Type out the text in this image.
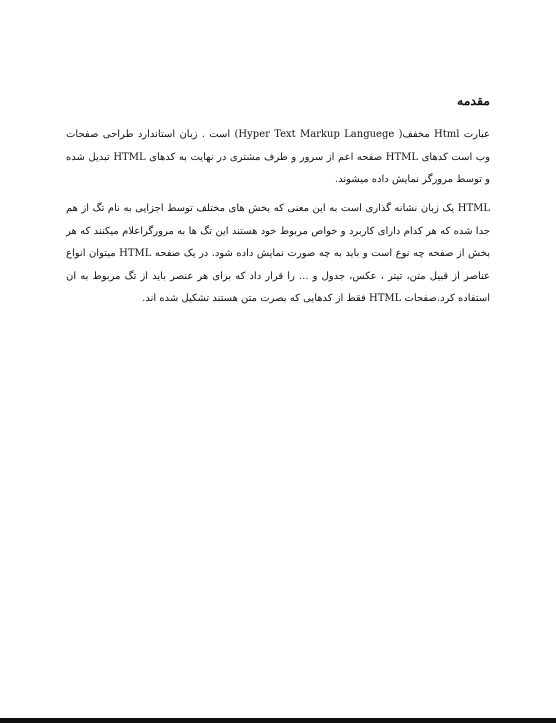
مقدمه

عبارت Html مخفف( Hyper Text Markup Languege) است . زبان استاندارد طراحی صفحات وب است کدهای HTML صفحه اعم از سرور و طرف مشتری در نهایت به کدهای HTML تبدیل شده و توسط مرورگر نمایش داده میشوند.

HTML یک زبان نشانه گذاری است به این معنی که بخش های مختلف توسط اجزایی به نام تگ از هم جدا شده که هر کدام دارای کاربرد و خواص مربوط خود هستند این تگ ها به مرورگراعلام میکنند که هر بخش از صفحه چه نوع است و باید به چه صورت نمایش داده شود. در یک صفحه HTML میتوان انواع عناصر از قبیل متن، تیتر ، عکس، جدول و ... را قرار داد که برای هر عنصر باید از تگ مربوط به ان استفاده کرد.صفحات HTML فقط از کدهایی که بصرت متن هستند تشکیل شده اند.
